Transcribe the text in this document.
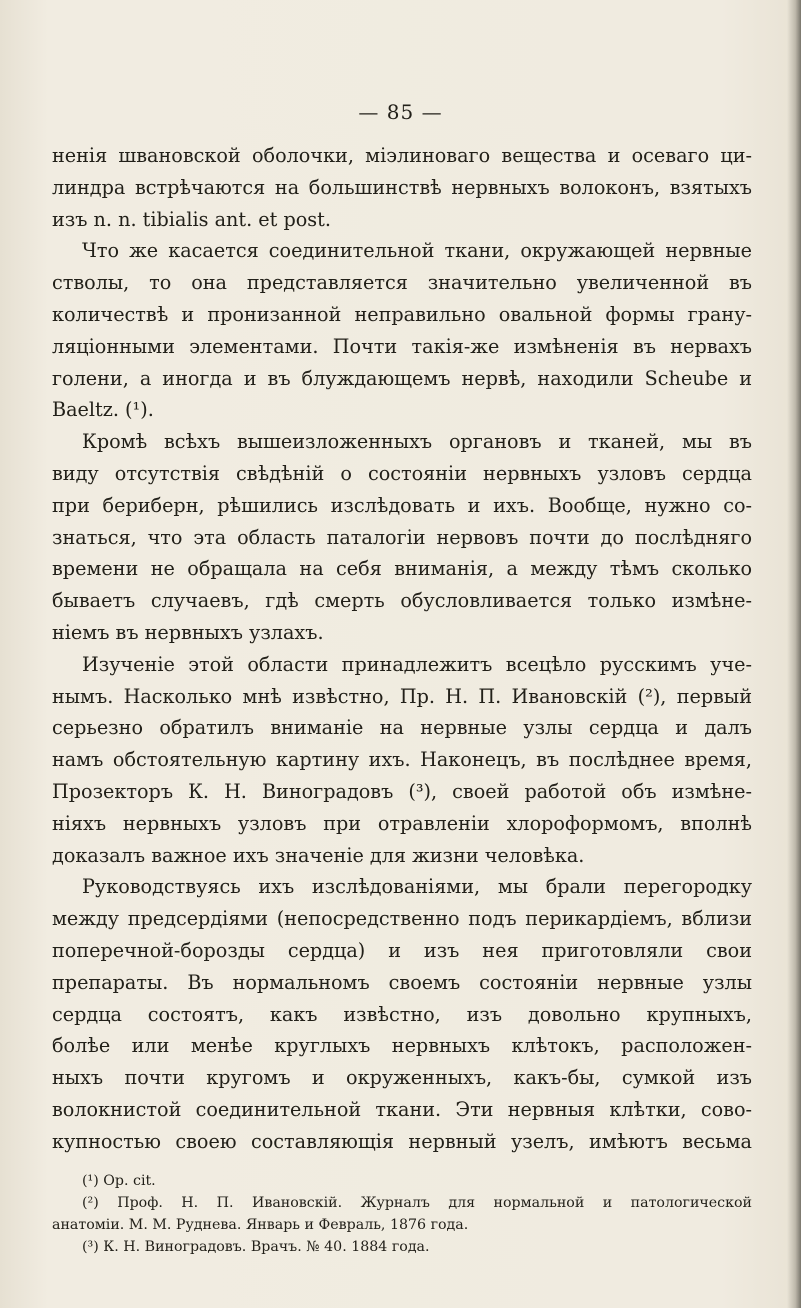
— 85 —

ненія швановской оболочки, міэлиноваго вещества и осеваго ци-
линдра встрѣчаются на большинствѣ нервныхъ волоконъ, взятыхъ
изъ n. n. tibialis ant. et post.

Что же касается соединительной ткани, окружающей нервные
стволы, то она представляется значительно увеличенной въ
количествѣ и пронизанной неправильно овальной формы грану-
ляціонными элементами. Почти такія-же измѣненія въ нервахъ
голени, а иногда и въ блуждающемъ нервѣ, находили Scheube и
Baeltz. (¹).

Кромѣ всѣхъ вышеизложенныхъ органовъ и тканей, мы въ
виду отсутствія свѣдѣній о состояніи нервныхъ узловъ сердца
при бериберн, рѣшились изслѣдовать и ихъ. Вообще, нужно со-
знаться, что эта область паталогіи нервовъ почти до послѣдняго
времени не обращала на себя вниманія, а между тѣмъ сколько
бываетъ случаевъ, гдѣ смерть обусловливается только измѣне-
ніемъ въ нервныхъ узлахъ.

Изученіе этой области принадлежитъ всецѣло русскимъ уче-
нымъ. Насколько мнѣ извѣстно, Пр. Н. П. Ивановскій (²), первый
серьезно обратилъ вниманіе на нервные узлы сердца и далъ
намъ обстоятельную картину ихъ. Наконецъ, въ послѣднее время,
Прозекторъ К. Н. Виноградовъ (³), своей работой объ измѣне-
ніяхъ нервныхъ узловъ при отравленіи хлороформомъ, вполнѣ
доказалъ важное ихъ значеніе для жизни человѣка.

Руководствуясь ихъ изслѣдованіями, мы брали перегородку
между предсердіями (непосредственно подъ перикардіемъ, вблизи
поперечной-борозды сердца) и изъ нея приготовляли свои
препараты. Въ нормальномъ своемъ состояніи нервные узлы
сердца состоятъ, какъ извѣстно, изъ довольно крупныхъ,
болѣе или менѣе круглыхъ нервныхъ клѣтокъ, расположен-
ныхъ почти кругомъ и окруженныхъ, какъ-бы, сумкой изъ
волокнистой соединительной ткани. Эти нервныя клѣтки, сово-
купностью своею составляющія нервный узелъ, имѣютъ весьма

(¹) Op. cit.
(²) Проф. Н. П. Ивановскій. Журналъ для нормальной и патологической
анатоміи. М. М. Руднева. Январь и Февраль, 1876 года.
(³) К. Н. Виноградовъ. Врачъ. № 40. 1884 года.
